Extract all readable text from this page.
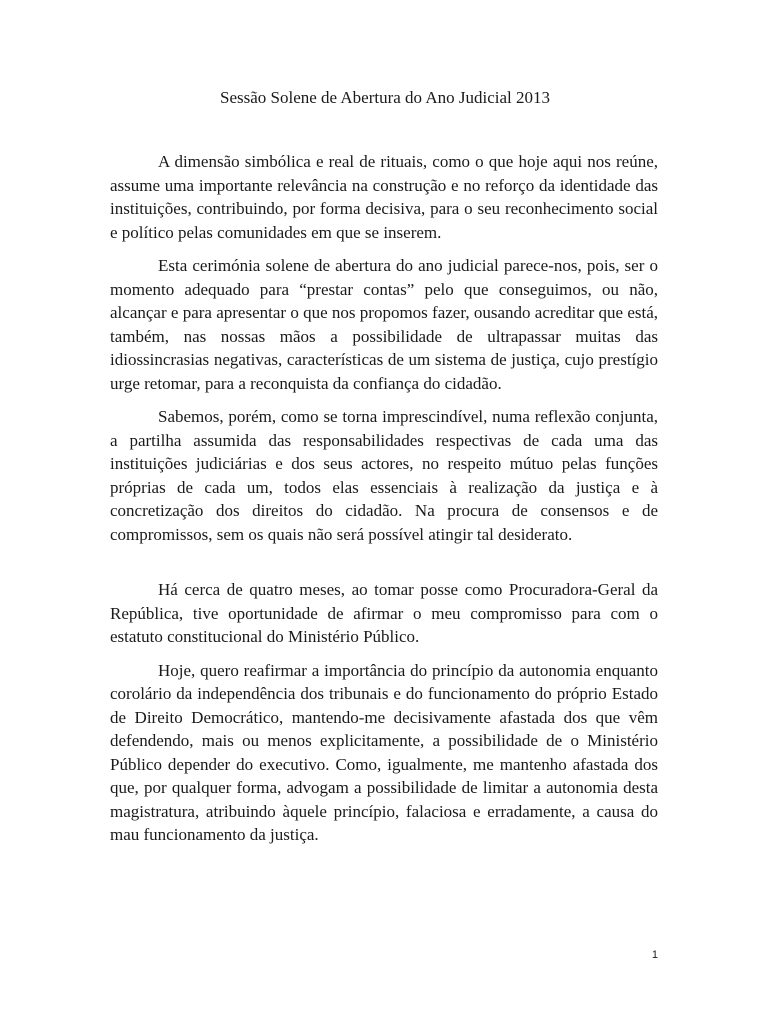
Sessão Solene de Abertura do Ano Judicial 2013

A dimensão simbólica e real de rituais, como o que hoje aqui nos reúne, assume uma importante relevância na construção e no reforço da identidade das instituições, contribuindo, por forma decisiva, para o seu reconhecimento social e político pelas comunidades em que se inserem.

Esta cerimónia solene de abertura do ano judicial parece-nos, pois, ser o momento adequado para “prestar contas” pelo que conseguimos, ou não, alcançar e para apresentar o que nos propomos fazer, ousando acreditar que está, também, nas nossas mãos a possibilidade de ultrapassar muitas das idiossincrasias negativas, características de um sistema de justiça, cujo prestígio urge retomar, para a reconquista da confiança do cidadão.

Sabemos, porém, como se torna imprescindível, numa reflexão conjunta, a partilha assumida das responsabilidades respectivas de cada uma das instituições judiciárias e dos seus actores, no respeito mútuo pelas funções próprias de cada um, todos elas essenciais à realização da justiça e à concretização dos direitos do cidadão. Na procura de consensos e de compromissos, sem os quais não será possível atingir tal desiderato.

Há cerca de quatro meses, ao tomar posse como Procuradora-Geral da República, tive oportunidade de afirmar o meu compromisso para com o estatuto constitucional do Ministério Público.

Hoje, quero reafirmar a importância do princípio da autonomia enquanto corolário da independência dos tribunais e do funcionamento do próprio Estado de Direito Democrático, mantendo-me decisivamente afastada dos que vêm defendendo, mais ou menos explicitamente, a possibilidade de o Ministério Público depender do executivo. Como, igualmente, me mantenho afastada dos que, por qualquer forma, advogam a possibilidade de limitar a autonomia desta magistratura, atribuindo àquele princípio, falaciosa e erradamente, a causa do mau funcionamento da justiça.

1
